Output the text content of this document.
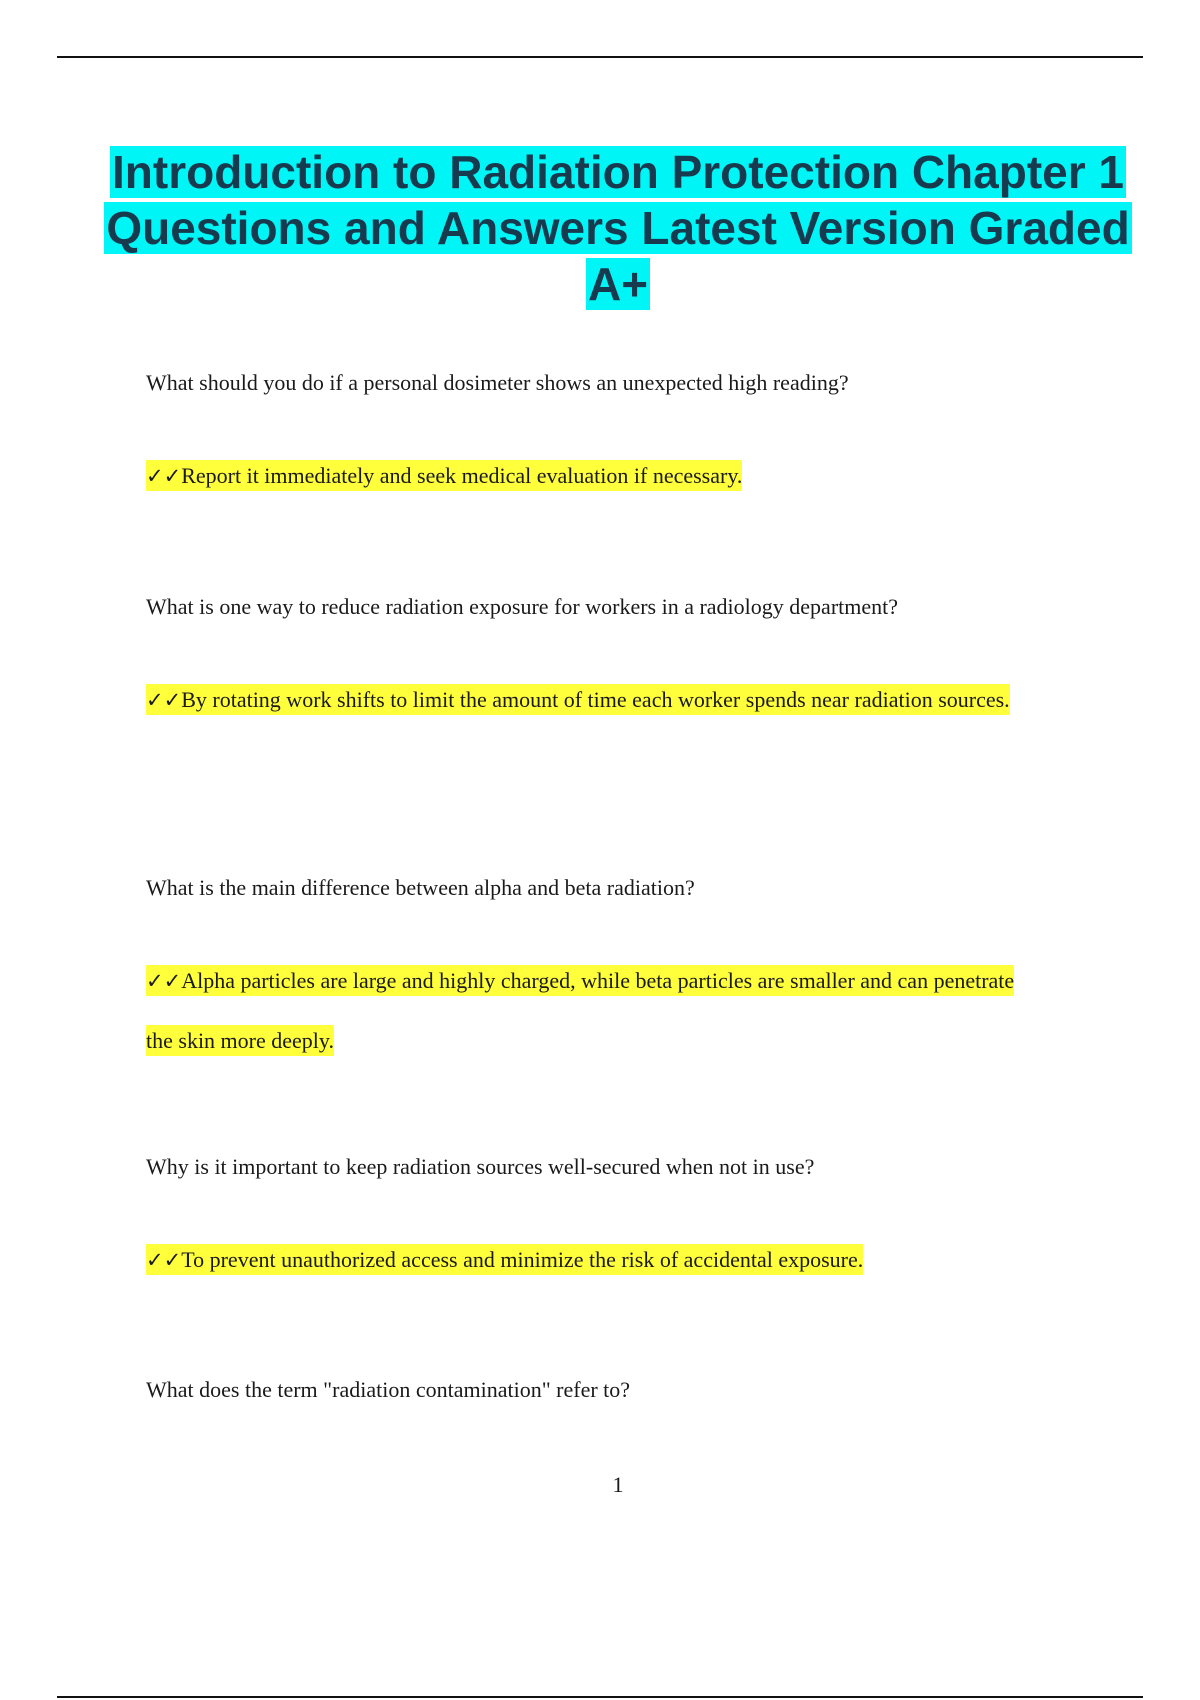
Introduction to Radiation Protection Chapter 1 Questions and Answers Latest Version Graded A+
What should you do if a personal dosimeter shows an unexpected high reading?
✓✓Report it immediately and seek medical evaluation if necessary.
What is one way to reduce radiation exposure for workers in a radiology department?
✓✓By rotating work shifts to limit the amount of time each worker spends near radiation sources.
What is the main difference between alpha and beta radiation?
✓✓Alpha particles are large and highly charged, while beta particles are smaller and can penetrate the skin more deeply.
Why is it important to keep radiation sources well-secured when not in use?
✓✓To prevent unauthorized access and minimize the risk of accidental exposure.
What does the term "radiation contamination" refer to?
1
